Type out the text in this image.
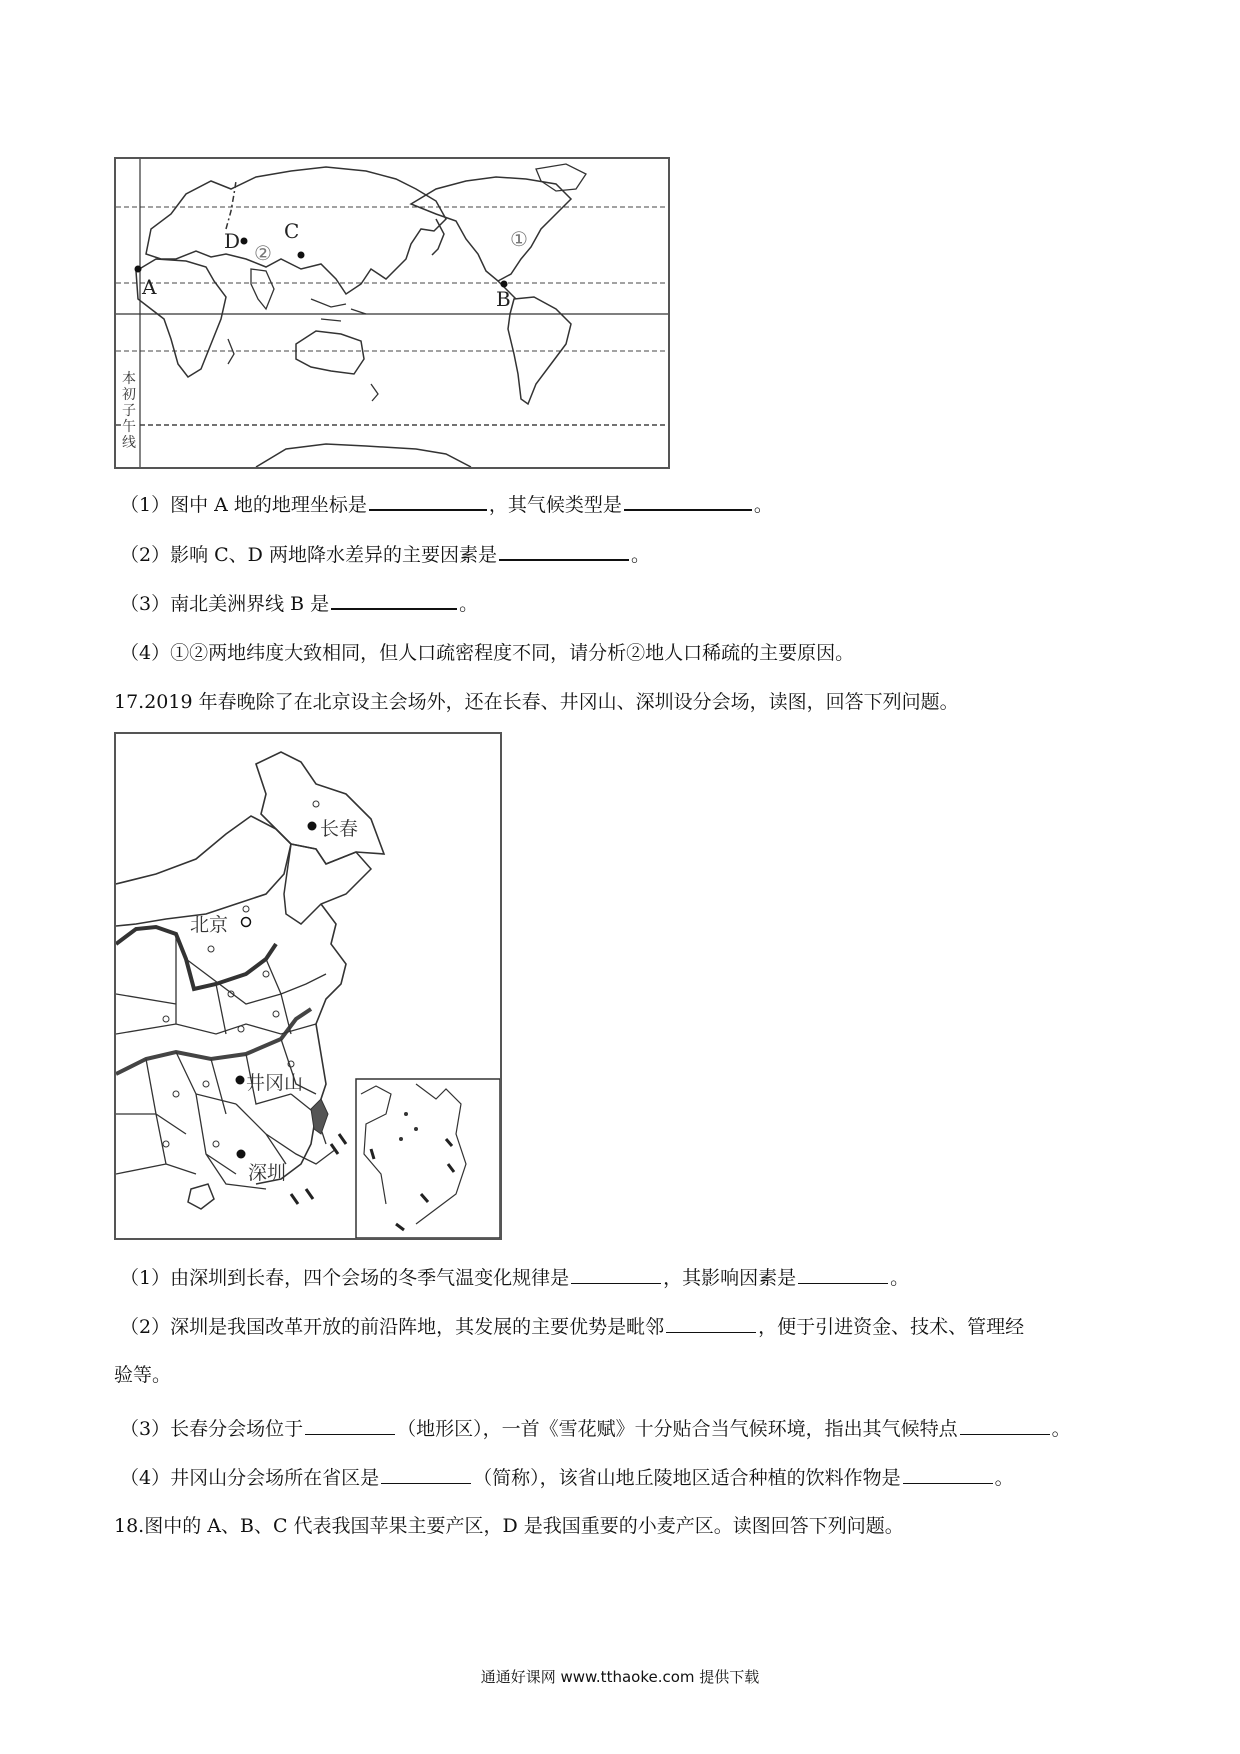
A	B
C
D	①
②
本初子午线
（1）图中 A 地的地理坐标是	，其气候类型是	。
（2）影响 C、D 两地降水差异的主要因素是	。
（3）南北美洲界线 B 是	。
（4）①②两地纬度大致相同，但人口疏密程度不同，请分析②地人口稀疏的主要原因。
17.2019 年春晚除了在北京设主会场外，还在长春、井冈山、深圳设分会场，读图，回答下列问题。
长春
北京
井冈山
深圳
（1）由深圳到长春，四个会场的冬季气温变化规律是	，其影响因素是	。
（2）深圳是我国改革开放的前沿阵地，其发展的主要优势是毗邻	，便于引进资金、技术、管理经
验等。
（3）长春分会场位于	（地形区），一首《雪花赋》十分贴合当气候环境，指出其气候特点	。
（4）井冈山分会场所在省区是	（简称），该省山地丘陵地区适合种植的饮料作物是	。
18.图中的 A、B、C 代表我国苹果主要产区，D 是我国重要的小麦产区。读图回答下列问题。
通通好课网 www.tthaoke.com 提供下载
